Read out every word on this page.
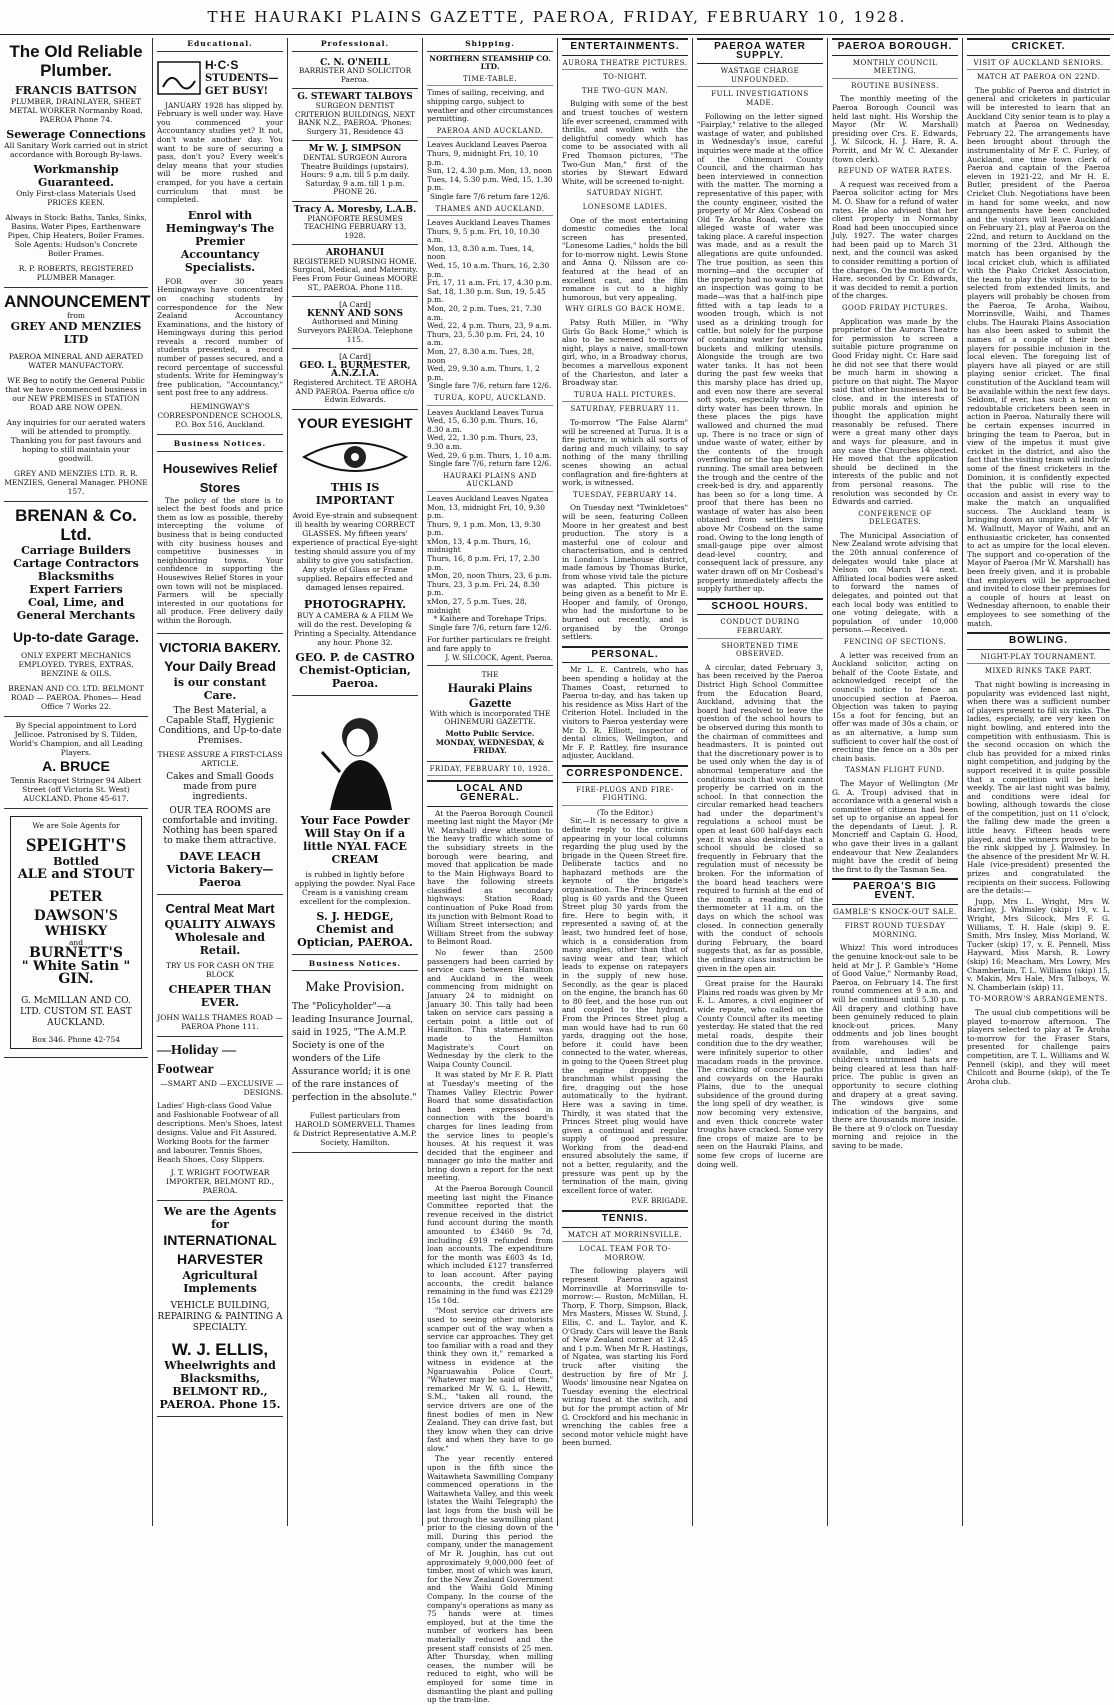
THE HAURAKI PLAINS GAZETTE, PAEROA, FRIDAY, FEBRUARY 10, 1928.
The Old Reliable Plumber.
FRANCIS BATTSON
PLUMBER, DRAINLAYER, SHEET METAL WORKER Normanby Road, PAEROA Phone 74.
Sewerage Connections
All Sanitary Work carried out in strict accordance with Borough By-laws.
Workmanship Guaranteed.
Only First-class Materials Used PRICES KEEN.
Always in Stock: Baths, Tanks, Sinks, Basins, Water Pipes, Earthenware Pipes, Chip Heaters, Boiler Frames. Sole Agents: Hudson's Concrete Boiler Frames.
R. P. ROBERTS, REGISTERED PLUMBER Manager.
ANNOUNCEMENT
from
GREY AND MENZIES LTD
PAEROA MINERAL AND AERATED WATER MANUFACTORY.
WE Beg to notify the General Public that we have commenced business in our NEW PREMISES in STATION ROAD ARE NOW OPEN.
Any inquiries for our aerated waters will be attended to promptly. Thanking you for past favours and hoping to still maintain your goodwill.
GREY AND MENZIES LTD. R. R. MENZIES, General Manager. PHONE 157.
BRENAN & Co. Ltd.
Carriage Builders
Cartage Contractors
Blacksmiths
Expert Farriers
Coal, Lime, and
General Merchants
Up-to-date Garage.
ONLY EXPERT MECHANICS EMPLOYED. TYRES, EXTRAS, BENZINE & OILS.
BRENAN AND CO. LTD. BELMONT ROAD — PAEROA. Phones— Head Office 7 Works 22.
By Special appointment to Lord Jellicoe. Patronised by S. Tilden, World's Champion, and all Leading Players.
A. BRUCE
Tennis Racquet Stringer 94 Albert Street (off Victoria St. West) AUCKLAND. Phone 45-617.
We are Sole Agents for
SPEIGHT'S
Bottled
ALE and STOUT
PETER DAWSON'S
WHISKY
and
BURNETT'S
" White Satin "
GIN.
G. McMILLAN AND CO. LTD. CUSTOM ST. EAST AUCKLAND.
Box 346. Phone 42-754
Educational.
H·C·S
STUDENTS— GET BUSY!

JANUARY 1928 has slipped by. February is well under way. Have you commenced your Accountancy studies yet? It not, don't waste another day. You want to be sure of securing a pass, don't you? Every week's delay means that your studies will be more rushed and cramped, for you have a certain curriculum that must be completed.

Enrol with Hemingway's The Premier Accountancy Specialists.

FOR over 30 years Hemingways have concentrated on coaching students by correspondence for the New Zealand Accountancy Examinations, and the history of Hemingways during this period reveals a record number of students presented, a record number of passes secured, and a record percentage of successful students. Write for Hemingway's free publication, "Accountancy," sent post free to any address.

HEMINGWAY'S CORRESPONDENCE SCHOOLS, P.O. Box 516, Auckland.
Business Notices.
Housewives Relief Stores

The policy of the store is to select the best foods and price them as low as possible, thereby intercepting the volume of business that is being conducted with city business houses and competitive businesses in neighbouring towns. Your confidence in supporting the Housewives Relief Stores in your own town will not be misplaced. Farmers will be specially interested in our quotations for all produce. Free delivery daily within the Borough.

VICTORIA BAKERY.
Your Daily Bread
is our constant Care.
The Best Material, a Capable Staff, Hygienic Conditions, and Up-to-date Premises.
THESE ASSURE A FIRST-CLASS ARTICLE.
Cakes and Small Goods made from pure ingredients.
OUR TEA ROOMS are comfortable and inviting. Nothing has been spared to make them attractive.
DAVE LEACH Victoria Bakery—Paeroa
Central Meat Mart
QUALITY ALWAYS
Wholesale and Retail.
TRY US FOR CASH ON THE BLOCK
CHEAPER THAN EVER.
JOHN WALLS THAMES ROAD — PAEROA Phone 111.
—Holiday —Footwear
—SMART AND —EXCLUSIVE —DESIGNS.
Ladies' High-class Good Value and Fashionable Footwear of all descriptions. Men's Shoes, latest designs. Value and Fit Assured. Working Boots for the farmer and labourer. Tennis Shoes, Beach Shoes, Cosy Slippers.
J. T. WRIGHT FOOTWEAR IMPORTER, BELMONT RD., PAEROA.
We are the Agents for
INTERNATIONAL HARVESTER
Agricultural Implements
VEHICLE BUILDING, REPAIRING & PAINTING A SPECIALTY.
W. J. ELLIS,
Wheelwrights and Blacksmiths, BELMONT RD., PAEROA. Phone 15.
Professional.
C. N. O'NEILL
BARRISTER AND SOLICITOR Paeroa.
G. STEWART TALBOYS
SURGEON DENTIST CRITERION BUILDINGS, NEXT BANK N.Z., PAEROA. 'Phones: Surgery 31, Residence 43
Mr W. J. SIMPSON
DENTAL SURGEON Aurora Theatre Buildings (upstairs). Hours: 9 a.m. till 5 p.m daily. Saturday, 9 a.m. till 1 p.m. PHONE 26.
Tracy A. Moresby, L.A.B.
PIANOFORTE RESUMES TEACHING FEBRUARY 13, 1928.
AROHANUI
REGISTERED NURSING HOME. Surgical, Medical, and Maternity. Fees From Four Guineas MOORE ST., PAEROA. Phone 118.
[A Card]
KENNY AND SONS
Authorised and Mining Surveyors PAEROA. Telephone 115.
[A Card]
GEO. L. BURMESTER, A.N.Z.I.A.
Registered Architect. TE AROHA AND PAEROA. Paeroa office c/o Edwin Edwards.
YOUR EYESIGHT
THIS IS IMPORTANT
Avoid Eye-strain and subsequent ill health by wearing CORRECT GLASSES. My fifteen years' experience of practical Eye-sight testing should assure you of my ability to give you satisfaction. Any style of Glass or Frame supplied. Repairs effected and damaged lenses repaired.
PHOTOGRAPHY.
BUY A CAMERA & A FILM We will do the rest. Developing & Printing a Specialty. Attendance any hour. Phone 32.
GEO. P. de CASTRO Chemist-Optician, Paeroa.
Your Face Powder Will Stay On if a little NYAL FACE CREAM
is rubbed in lightly before applying the powder. Nyal Face Cream is a vanishing cream excellent for the complexion.
S. J. HEDGE, Chemist and Optician, PAEROA.
Business Notices.
Make Provision.
The "Policyholder"—a leading Insurance Journal, said in 1925, "The A.M.P. Society is one of the wonders of the Life Assurance world; it is one of the rare instances of perfection in the absolute."
Fullest particulars from HAROLD SOMERVELL Thames & District Representative A.M.P. Society, Hamilton.
Shipping.
NORTHERN STEAMSHIP CO. LTD.
TIME-TABLE.
Times of sailing, receiving, and shipping cargo, subject to weather and other circumstances permitting.
PAEROA AND AUCKLAND.
Leaves Auckland Leaves Paeroa
Thurs, 9, midnight Fri, 10, 10 p.m.
Sun, 12, 4.30 p.m. Mon, 13, noon
Tues, 14, 5.30 p.m. Wed, 15, 1.30 p.m.
Single fare 7/6 return fare 12/6.
THAMES AND AUCKLAND.
Leaves Auckland Leaves Thames
Thurs, 9, 5 p.m. Fri, 10, 10.30 a.m.
Mon, 13, 8.30 a.m. Tues, 14, noon
Wed, 15, 10 a.m. Thurs, 16, 2.30 p.m.
Fri, 17, 11 a.m. Fri, 17, 4.30 p.m.
Sat, 18, 1.30 p.m. Sun, 19, 5.45 p.m.
Mon, 20, 2 p.m. Tues, 21, 7.30 a.m.
Wed, 22, 4 p.m. Thurs, 23, 9 a.m.
Thurs, 23, 5.30 p.m. Fri, 24, 10 a.m.
Mon, 27, 8.30 a.m. Tues, 28, noon
Wed, 29, 9.30 a.m. Thurs, 1, 2 p.m.
Single fare 7/6, return fare 12/6.
TURUA, KOPU, AUCKLAND.
Leaves Auckland Leaves Turua
Wed, 15, 6.30 p.m. Thurs, 16, 8.30 a.m.
Wed, 22, 1.30 p.m. Thurs, 23, 9.30 a.m.
Wed, 29, 6 p.m. Thurs, 1, 10 a.m.
Single fare 7/6, return fare 12/6.
HAURAKI PLAINS AND AUCKLAND
Leaves Auckland Leaves Ngatea
Mon, 13, midnight Fri, 10, 9.30 p.m.
Thurs, 9, 1 p.m. Mon, 13, 9.30 p.m.
xMon, 13, 4 p.m. Thurs, 16, midnight
Thurs, 16, 8 p.m. Fri, 17, 2.30 p.m.
xMon, 20, noon Thurs, 23, 6 p.m.
Thurs, 23, 3 p.m. Fri, 24, 8.30 p.m.
xMon, 27, 5 p.m. Tues, 28, midnight
* Kaihere and Torehape Trips.
Single fare 7/6, return fare 12/6.
For further particulars re freight and fare apply to
J. W. SILCOCK, Agent, Paeroa.
THE
Hauraki Plains Gazette
With which is incorporated THE OHINEMURI GAZETTE.
Motto Public Service.
MONDAY, WEDNESDAY, & FRIDAY.
FRIDAY, FEBRUARY 10, 1928.
LOCAL AND GENERAL.

At the Paeroa Borough Council meeting last night the Mayor (Mr W. Marshall) drew attention to the heavy traffic which some of the subsidiary streets in the borough were bearing, and moved that application be made to the Main Highways Board to have the following streets classified as secondary highways: Station Road; continuation of Puke Road from its junction with Belmont Road to William Street intersection; and William Street from the subway to Belmont Road.

No fewer than 2500 passengers had been carried by service cars between Hamilton and Auckland in the week commencing from midnight on January 24 to midnight on January 30. This tally had been taken on service cars passing a certain point a little out of Hamilton. This statement was made to the Hamilton Magistrate's Court on Wednesday by the clerk to the Waipa County Council.

It was stated by Mr F. R. Platt at Tuesday's meeting of the Thames Valley Electric Power Board that some dissatisfaction had been expressed in connection with the board's charges for lines leading from the service lines to people's houses. At his request it was decided that the engineer and manager go into the matter and bring down a report for the next meeting.

At the Paeroa Borough Council meeting last night the Finance Committee reported that the revenue received in the district fund account during the month amounted to £3460 9s 7d, including £919 refunded from loan accounts. The expenditure for the month was £603 4s 1d, which included £127 transferred to loan account. After paying accounts, the credit balance remaining in the fund was £2129 15s 10d.

"Most service car drivers are used to seeing other motorists scamper out of the way when a service car approaches. They get too familiar with a road and they think they own it," remarked a witness in evidence at the Ngaruawahia Police Court. "Whatever may be said of them," remarked Mr W. G. L. Hewitt, S.M., "taken all round, the service drivers are one of the finest bodies of men in New Zealand. They can drive fast, but they know when they can drive fast and when they have to go slow."

The year recently entered upon is the fifth since the Waitawheta Sawmilling Company commenced operations in the Waitawheta Valley, and this week (states the Waihi Telegraph) the last logs from the bush will be put through the sawmilling plant prior to the closing down of the mill. During this period the company, under the management of Mr R. Joughin, has cut out approximately 9,000,000 feet of timber, most of which was kauri, for the New Zealand Government and the Waihi Gold Mining Company. In the course of the company's operations as many as 75 hands were at times employed, but at the time the number of workers has been materially reduced and the present staff consists of 25 men. After Thursday, when milling ceases, the number will be reduced to eight, who will be employed for some time in dismantling the plant and pulling up the tram-line.

ENTERTAINMENTS.
AURORA THEATRE PICTURES.
TO-NIGHT.
THE TWO-GUN MAN.

Bulging with some of the best and truest touches of western life ever screened, crammed with thrills, and swollen with the delightful comedy which has come to be associated with all Fred Thomson pictures, "The Two-Gun Man," first of the stories by Stewart Edward White, will be screened to-night.

SATURDAY NIGHT.
LONESOME LADIES.

One of the most entertaining domestic comedies the local screen has presented, "Lonesome Ladies," holds the bill for to-morrow night. Lewis Stone and Anna Q. Nilsson are co-featured at the head of an excellent cast, and the film romance is cut to a highly humorous, but very appealing.

WHY GIRLS GO BACK HOME.

Patsy Ruth Miller, in "Why Girls Go Back Home," which is also to be screened to-morrow night, plays a naive, small-town girl, who, in a Broadway chorus, becomes a marvellous exponent of the Charleston, and later a Broadway star.

TURUA HALL PICTURES.
SATURDAY, FEBRUARY 11.

To-morrow "The False Alarm" will be screened at Turua. It is a fire picture, in which all sorts of daring and much villainy, to say nothing of the many thrilling scenes showing an actual conflagration and fire-fighters at work, is witnessed.

TUESDAY, FEBRUARY 14.

On Tuesday next "Twinkletoes" will be seen, featuring Colleen Moore in her greatest and best production. The story is a masterful one of colour and characterisation, and is centred in London's Limehouse district, made famous by Thomas Burke, from whose vivid tale the picture was adapted. This picture is being given as a benefit to Mr E. Hooper and family, of Orongo, who had the misfortune to be burned out recently, and is organised by the Orongo settlers.

PERSONAL.

Mr L. E. Cantrels, who has been spending a holiday at the Thames Coast, returned to Paeroa to-day, and has taken up his residence as Miss Hart of the Criterion Hotel. Included in the visitors to Paeroa yesterday were Mr D. R. Elliott, inspector of dental clinics, Wellington, and Mr F. P. Rattley, fire insurance adjuster, Auckland.

CORRESPONDENCE.
FIRE-PLUGS AND FIRE-FIGHTING.
(To the Editor.)

Sir,—It is necessary to give a definite reply to the criticism appearing in your local columns regarding the plug used by the brigade in the Queen Street fire. Deliberate tactics and no haphazard methods are the keynote of the brigade's organisation. The Princes Street plug is 60 yards and the Queen Street plug 30 yards from the fire. Here to begin with, it represented a saving of, at the least, two hundred feet of hose, which is a consideration from many angles, other than that of saving wear and tear, which leads to expense on ratepayers in the supply of new hose. Secondly, as the gear is placed on the engine, the branch has 60 to 80 feet, and the hose run out and coupled to the hydrant. From the Princes Street plug a man would have had to run 60 yards, dragging out the hose, before it could have been connected to the water, whereas, in going to the Queen Street plug the engine dropped the branchman whilst passing the fire, dragging out the hose automatically to the hydrant. Here was a saving in time. Thirdly, it was stated that the Princes Street plug would have given a continual and regular supply of good pressure. Working from the dead-end ensured absolutely the same, if not a better, regularity, and the pressure was pent up by the termination of the main, giving excellent force of water.

P.V.F. BRIGADE.
TENNIS.
MATCH AT MORRINSVILLE.
LOCAL TEAM FOR TO-MORROW.

The following players will represent Paeroa against Morrinsville at Morrinsville to-morrow:— Ruston, McMillan, H. Thorp, F. Thorp, Simpson, Black, Mrs Masters, Misses W. Stund, J. Ellis, C. and L. Taylor, and K. O'Grady. Cars will leave the Bank of New Zealand corner at 12.45 and 1 p.m. When Mr R. Hastings, of Ngatea, was starting his Ford truck after visiting the destruction by fire of Mr J. Woods' limousine near Ngatea on Tuesday evening the electrical wiring fused at the switch, and but for the prompt action of Mr G. Crockford and his mechanic in wrenching the cables free a second motor vehicle might have been burned.

PAEROA WATER SUPPLY.
WASTAGE CHARGE UNFOUNDED.
FULL INVESTIGATIONS MADE.

Following on the letter signed "Fairplay," relative to the alleged wastage of water, and published in Wednesday's issue, careful inquiries were made at the office of the Ohinemuri County Council, and the chairman has been interviewed in connection with the matter. The morning a representative of this paper, with the county engineer, visited the property of Mr Alex Cosbead on Old Te Aroha Road, where the alleged waste of water was taking place. A careful inspection was made, and as a result the allegations are quite unfounded. The true position, as seen this morning—and the occupier of the property had no warning that an inspection was going to be made—was that a half-inch pipe fitted with a tap leads to a wooden trough, which is not used as a drinking trough for cattle, but solely for the purpose of containing water for washing buckets and milking utensils. Alongside the trough are two water tanks. It has not been during the past few weeks that this marshy place has dried up, and even now there are several soft spots, especially where the dirty water has been thrown. In these places the pigs have wallowed and churned the mud up. There is no trace or sign of undue waste of water, either by the contents of the trough overflowing or the tap being left running. The small area between the trough and the centre of the creek-bed is dry, and apparently has been so for a long time. A proof that there has been no wastage of water has also been obtained from settlers living above Mr Cosbead on the same road. Owing to the long length of small-gauge pipe over almost dead-level country, and consequent lack of pressure, any water drawn off on Mr Cosbead's property immediately affects the supply further up.

SCHOOL HOURS.
CONDUCT DURING FEBRUARY.
SHORTENED TIME OBSERVED.

A circular, dated February 3, has been received by the Paeroa District High School Committee from the Education Board, Auckland, advising that the board had resolved to leave the question of the school hours to be observed during this month to the chairman of committees and headmasters. It is pointed out that the discretionary power is to be used only when the day is of abnormal temperature and the conditions such that work cannot properly be carried on in the school. In that connection the circular remarked head teachers had under the department's regulations a school must be open at least 600 half-days each year. It was also desirable that a school should be closed so frequently in February that the regulation must of necessity be broken. For the information of the board head teachers were required to furnish at the end of the month a reading of the thermometer at 11 a.m. on the days on which the school was closed. In connection generally with the conduct of schools during February, the board suggests that, as far as possible, the ordinary class instruction be given in the open air.

Great praise for the Hauraki Plains red roads was given by Mr E. L. Amores, a civil engineer of wide repute, who called on the County Council after its meeting yesterday. He stated that the red metal roads, despite their condition due to the dry weather, were infinitely superior to other macadam roads in the province. The cracking of concrete paths and cowyards on the Hauraki Plains, due to the unequal subsidence of the ground during the long spell of dry weather, is now becoming very extensive, and even thick concrete water troughs have cracked. Some very fine crops of maize are to be seen on the Hauraki Plains, and some few crops of lucerne are doing well.

PAEROA BOROUGH.
MONTHLY COUNCIL MEETING.
ROUTINE BUSINESS.

The monthly meeting of the Paeroa Borough Council was held last night. His Worship the Mayor (Mr W. Marshall) presiding over Crs. E. Edwards, J. W. Silcock, H. J. Hare, R. A. Porritt, and Mr W. C. Alexander (town clerk).

REFUND OF WATER RATES.

A request was received from a Paeroa solicitor acting for Mrs M. O. Shaw for a refund of water rates. He also advised that her client property in Normanby Road had been unoccupied since July, 1927. The water charges had been paid up to March 31 next, and the council was asked to consider remitting a portion of the charges. On the motion of Cr. Hare, seconded by Cr. Edwards, it was decided to remit a portion of the charges.

GOOD FRIDAY PICTURES.

Application was made by the proprietor of the Aurora Theatre for permission to screen a suitable picture programme on Good Friday night. Cr. Hare said he did not see that there would be much harm in showing a picture on that night. The Mayor said that other businesses had to close, and in the interests of public morals and opinion he thought the application might reasonably be refused. There were a great many other days and ways for pleasure, and in any case the Churches objected. He moved that the application should be declined in the interests of the public and not from personal reasons. The resolution was seconded by Cr. Edwards and carried.

CONFERENCE OF DELEGATES.

The Municipal Association of New Zealand wrote advising that the 20th annual conference of delegates would take place at Nelson on March 14 next. Affiliated local bodies were asked to forward the names of delegates, and pointed out that each local body was entitled to one voting delegate, with a population of under 10,000 persons.—Received.

FENCING OF SECTIONS.

A letter was received from an Auckland solicitor, acting on behalf of the Coote Estate, and acknowledged receipt of the council's notice to fence an unoccupied section at Paeroa. Objection was taken to paying 15s a foot for fencing, but an offer was made of 30s a chain, or as an alternative, a lump sum sufficient to cover half the cost of erecting the fence on a 30s per chain basis.

TASMAN FLIGHT FUND.

The Mayor of Wellington (Mr G. A. Troup) advised that in accordance with a general wish a committee of citizens had been set up to organise an appeal for the dependants of Lieut. J. R. Moncrieff and Captain G. Hood, who gave their lives in a gallant endeavour that New Zealanders might have the credit of being the first to fly the Tasman Sea.

PAEROA'S BIG EVENT.
GAMBLE'S KNOCK-OUT SALE.
FIRST ROUND TUESDAY MORNING.

Whizz! This word introduces the genuine knock-out sale to be held at Mr J. P. Gamble's "Home of Good Value," Normanby Road, Paeroa, on February 14. The first round commences at 9 a.m. and will be continued until 5.30 p.m. All drapery and clothing have been genuinely reduced to plain knock-out prices. Many oddments and job lines bought from warehouses will be available, and ladies' and children's untrimmed hats are being cleared at less than half-price. The public is given an opportunity to secure clothing and drapery at a great saving. The windows give some indication of the bargains, and there are thousands more inside. Be there at 9 o'clock on Tuesday morning and rejoice in the saving to be made.

CRICKET.
VISIT OF AUCKLAND SENIORS.
MATCH AT PAEROA ON 22ND.

The public of Paeroa and district in general and cricketers in particular will be interested to learn that an Auckland City senior team is to play a match at Paeroa on Wednesday, February 22. The arrangements have been brought about through the instrumentality of Mr F. C. Furley, of Auckland, one time town clerk of Paeroa and captain of the Paeroa eleven in 1921-22, and Mr H. E. Butler, president of the Paeroa Cricket Club. Negotiations have been in hand for some weeks, and now arrangements have been concluded and the visitors will leave Auckland on February 21, play at Paeroa on the 22nd, and return to Auckland on the morning of the 23rd. Although the match has been organised by the local cricket club, which is affiliated with the Piako Cricket Association, the team to play the visitors is to be selected from extended limits, and players will probably be chosen from the Paeroa, Te Aroha, Waihou, Morrinsville, Waihi, and Thames clubs. The Hauraki Plains Association has also been asked to submit the names of a couple of their best players for possible inclusion in the local eleven. The foregoing list of players have all played or are still playing senior cricket. The final constitution of the Auckland team will be available within the next few days. Seldom, if ever, has such a team or redoubtable cricketers been seen in action in Paeroa. Naturally there will be certain expenses incurred in bringing the team to Paeroa, but in view of the impetus it must give cricket in the district, and also the fact that the visiting team will include some of the finest cricketers in the Dominion, it is confidently expected that the public will rise to the occasion and assist in every way to make the match an unqualified success. The Auckland team is bringing down an umpire, and Mr W. M. Wallnutt, Mayor of Waihi, and an enthusiastic cricketer, has consented to act as umpire for the local eleven. The support and co-operation of the Mayor of Paeroa (Mr W. Marshall) has been freely given, and it is probable that employers will be approached and invited to close their premises for a couple of hours at least on Wednesday afternoon, to enable their employees to see something of the match.

BOWLING.
NIGHT-PLAY TOURNAMENT.
MIXED RINKS TAKE PART.

That night bowling is increasing in popularity was evidenced last night, when there was a sufficient number of players present to fill six rinks. The ladies, especially, are very keen on night bowling, and entered into the competition with enthusiasm. This is the second occasion on which the club has provided for a mixed rinks night competition, and judging by the support received it is quite possible that a competition will be held weekly. The air last night was balmy, and conditions were ideal for bowling, although towards the close of the competition, just on 11 o'clock, the falling dew made the green a little heavy. Fifteen heads were played, and the winners proved to be the rink skipped by J. Walmsley. In the absence of the president Mr W. H. Hale (vice-president) presented the prizes and congratulated the recipients on their success. Following are the details:—

Jupp, Mrs L. Wright, Mrs W. Barclay, J. Walmsley (skip) 19, v. L. Wright, Mrs Silcock, Mrs F. G. Williams, T. H. Hale (skip) 9. E. Smith, Mrs Insley, Miss Morland, W. Tucker (skip) 17, v. E. Pennell, Miss Hayward, Miss Marsh, R. Lowry (skip) 16; Meacham, Mrs Lowry, Mrs Chamberlain, T. L. Williams (skip) 15, v. Makin, Mrs Hale, Mrs Talboys, W. N. Chamberlain (skip) 11.

TO-MORROW'S ARRANGEMENTS.

The usual club competitions will be played to-morrow afternoon. The players selected to play at Te Aroha to-morrow for the Fraser Stars, presented for challenge pairs competition, are T. L. Williams and W. Pennell (skip), and they will meet Chilcott and Bourne (skip), of the Te Aroha club.
